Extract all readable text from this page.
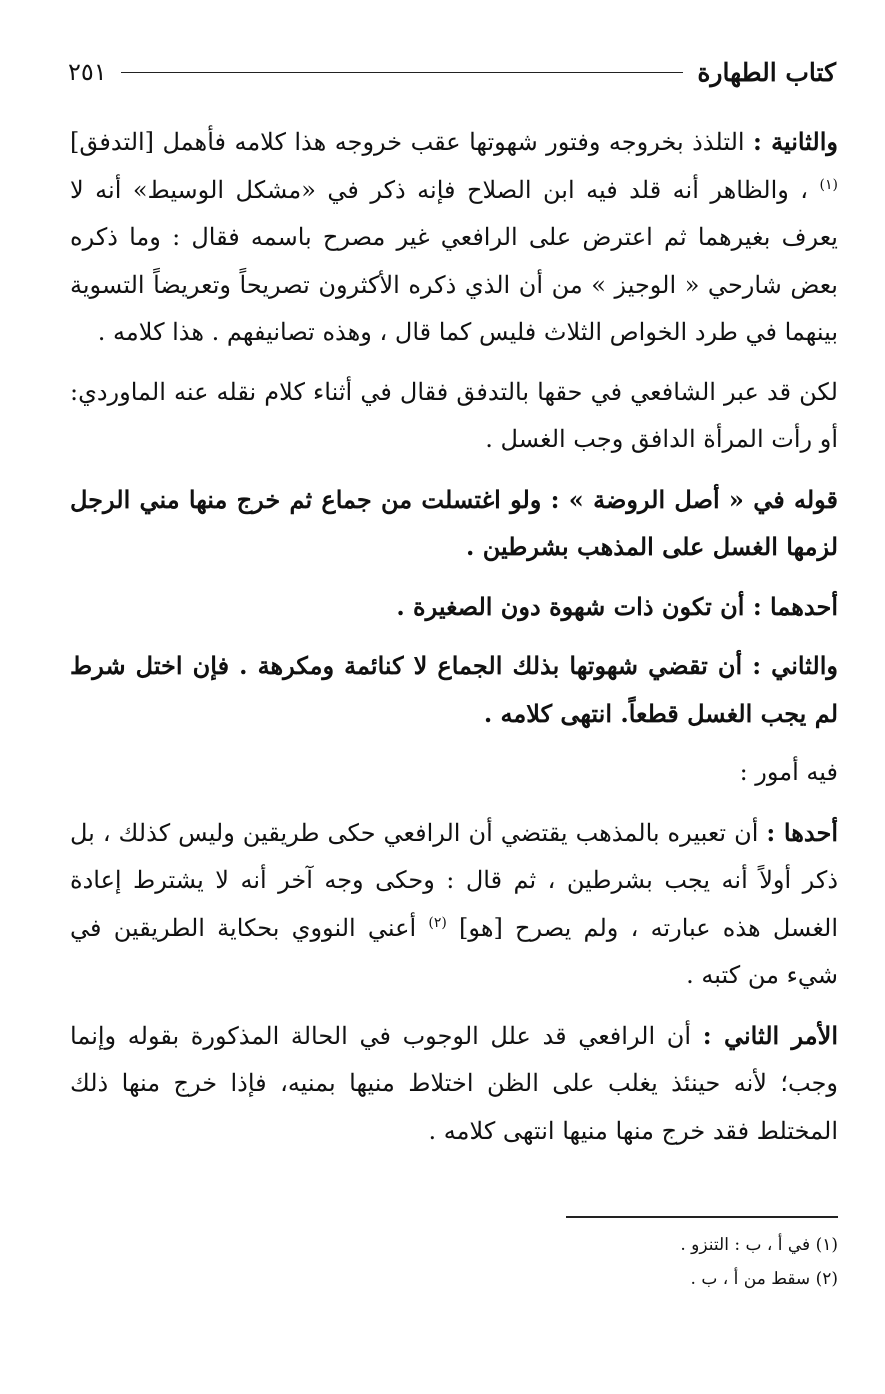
كتاب الطهارة
٢٥١

والثانية : التلذذ بخروجه وفتور شهوتها عقب خروجه هذا كلامه فأهمل [التدفق]$^{(١)}$ ، والظاهر أنه قلد فيه ابن الصلاح فإنه ذكر في «مشكل الوسيط» أنه لا يعرف بغيرهما ثم اعترض على الرافعي غير مصرح باسمه فقال : وما ذكره بعض شارحي « الوجيز » من أن الذي ذكره الأكثرون تصريحاً وتعريضاً التسوية بينهما في طرد الخواص الثلاث فليس كما قال ، وهذه تصانيفهم . هذا كلامه .

لكن قد عبر الشافعي في حقها بالتدفق فقال في أثناء كلام نقله عنه الماوردي: أو رأت المرأة الدافق وجب الغسل .

قوله في « أصل الروضة » : ولو اغتسلت من جماع ثم خرج منها مني الرجل لزمها الغسل على المذهب بشرطين .

أحدهما : أن تكون ذات شهوة دون الصغيرة .

والثاني : أن تقضي شهوتها بذلك الجماع لا كنائمة ومكرهة . فإن اختل شرط لم يجب الغسل قطعاً. انتهى كلامه .

فيه أمور :

أحدها : أن تعبيره بالمذهب يقتضي أن الرافعي حكى طريقين وليس كذلك ، بل ذكر أولاً أنه يجب بشرطين ، ثم قال : وحكى وجه آخر أنه لا يشترط إعادة الغسل هذه عبارته ، ولم يصرح [هو] $^{(٢)}$ أعني النووي بحكاية الطريقين في شيء من كتبه .

الأمر الثاني : أن الرافعي قد علل الوجوب في الحالة المذكورة بقوله وإنما وجب؛ لأنه حينئذ يغلب على الظن اختلاط منيها بمنيه، فإذا خرج منها ذلك المختلط فقد خرج منها منيها انتهى كلامه .

(١) في أ ، ب : التنزو .
(٢) سقط من أ ، ب .
